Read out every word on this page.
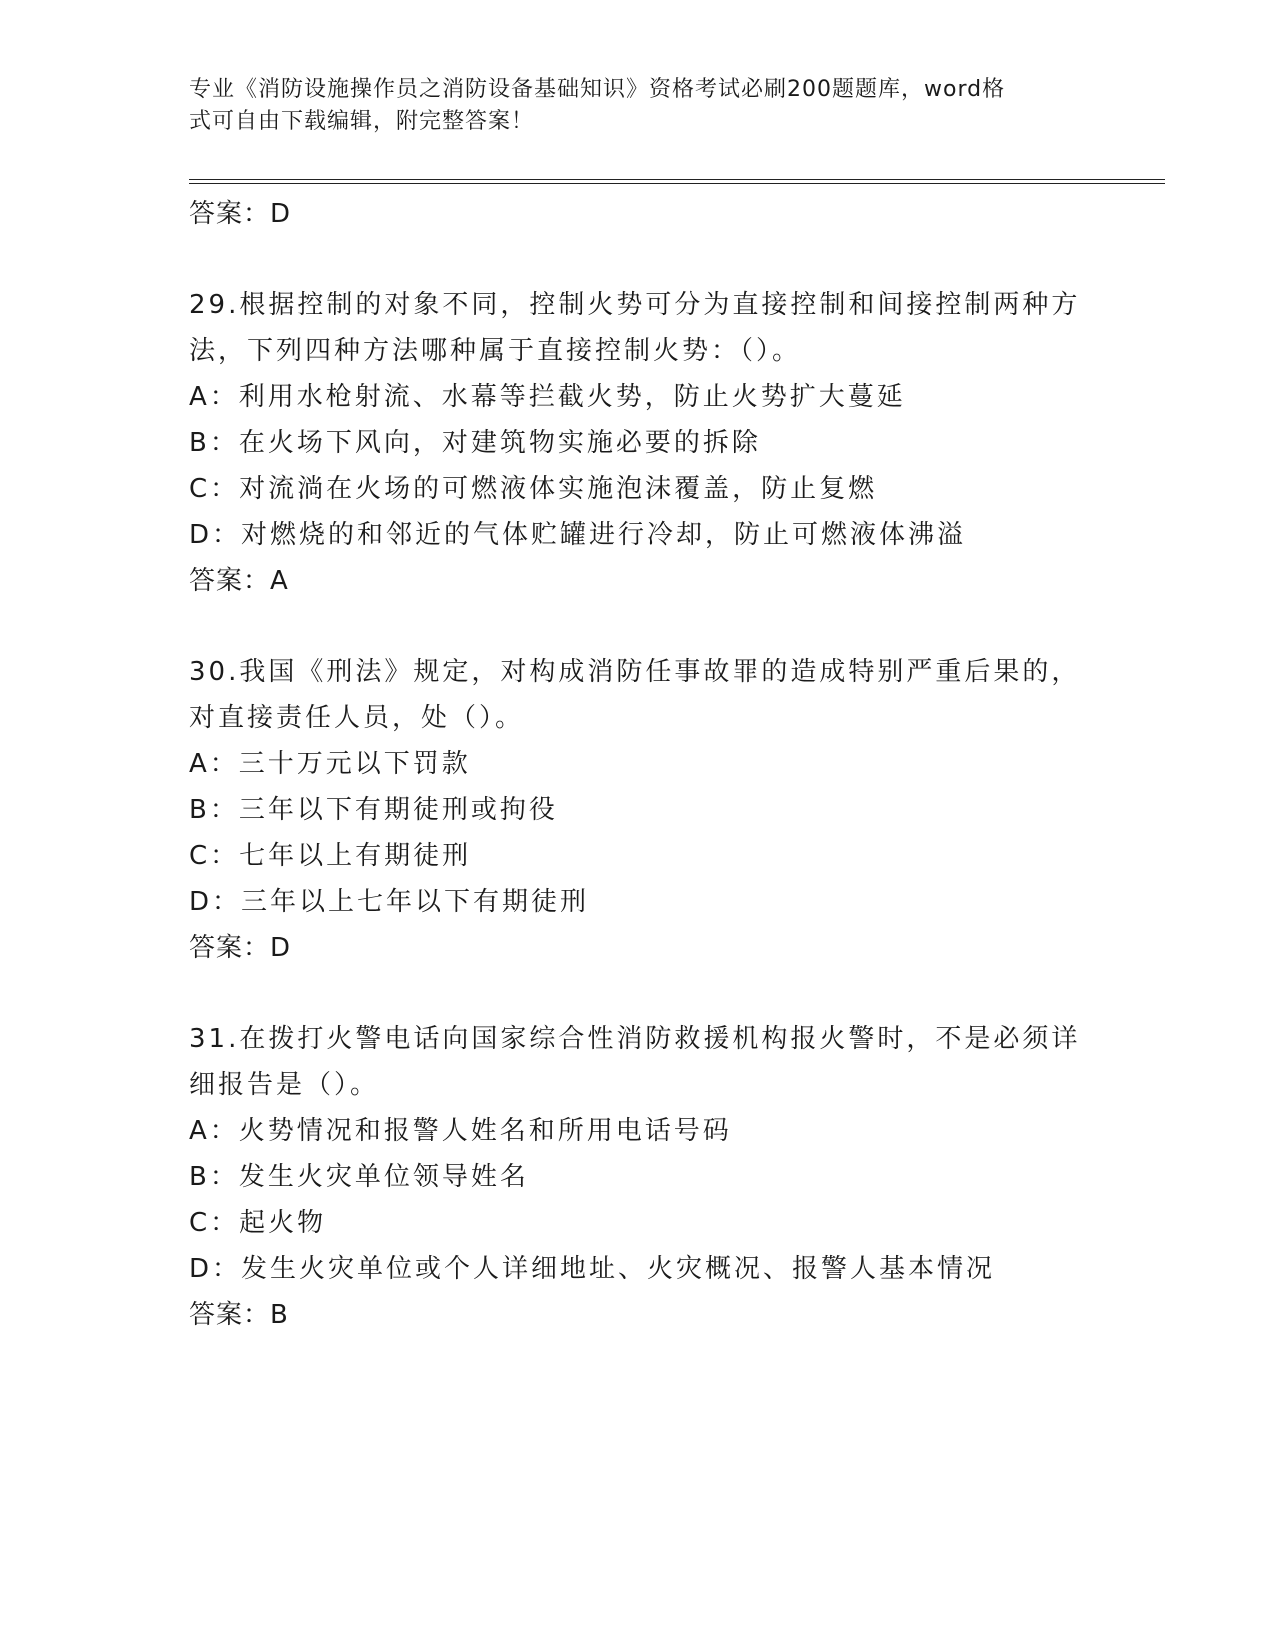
专业《消防设施操作员之消防设备基础知识》资格考试必刷200题题库，word格
式可自由下载编辑，附完整答案！
答案：D
29.根据控制的对象不同，控制火势可分为直接控制和间接控制两种方
法，下列四种方法哪种属于直接控制火势：（）。
A：利用水枪射流、水幕等拦截火势，防止火势扩大蔓延
B：在火场下风向，对建筑物实施必要的拆除
C：对流淌在火场的可燃液体实施泡沫覆盖，防止复燃
D：对燃烧的和邻近的气体贮罐进行冷却，防止可燃液体沸溢
答案：A
30.我国《刑法》规定，对构成消防任事故罪的造成特别严重后果的，
对直接责任人员，处（）。
A：三十万元以下罚款
B：三年以下有期徒刑或拘役
C：七年以上有期徒刑
D：三年以上七年以下有期徒刑
答案：D
31.在拨打火警电话向国家综合性消防救援机构报火警时，不是必须详
细报告是（）。
A：火势情况和报警人姓名和所用电话号码
B：发生火灾单位领导姓名
C：起火物
D：发生火灾单位或个人详细地址、火灾概况、报警人基本情况
答案：B
